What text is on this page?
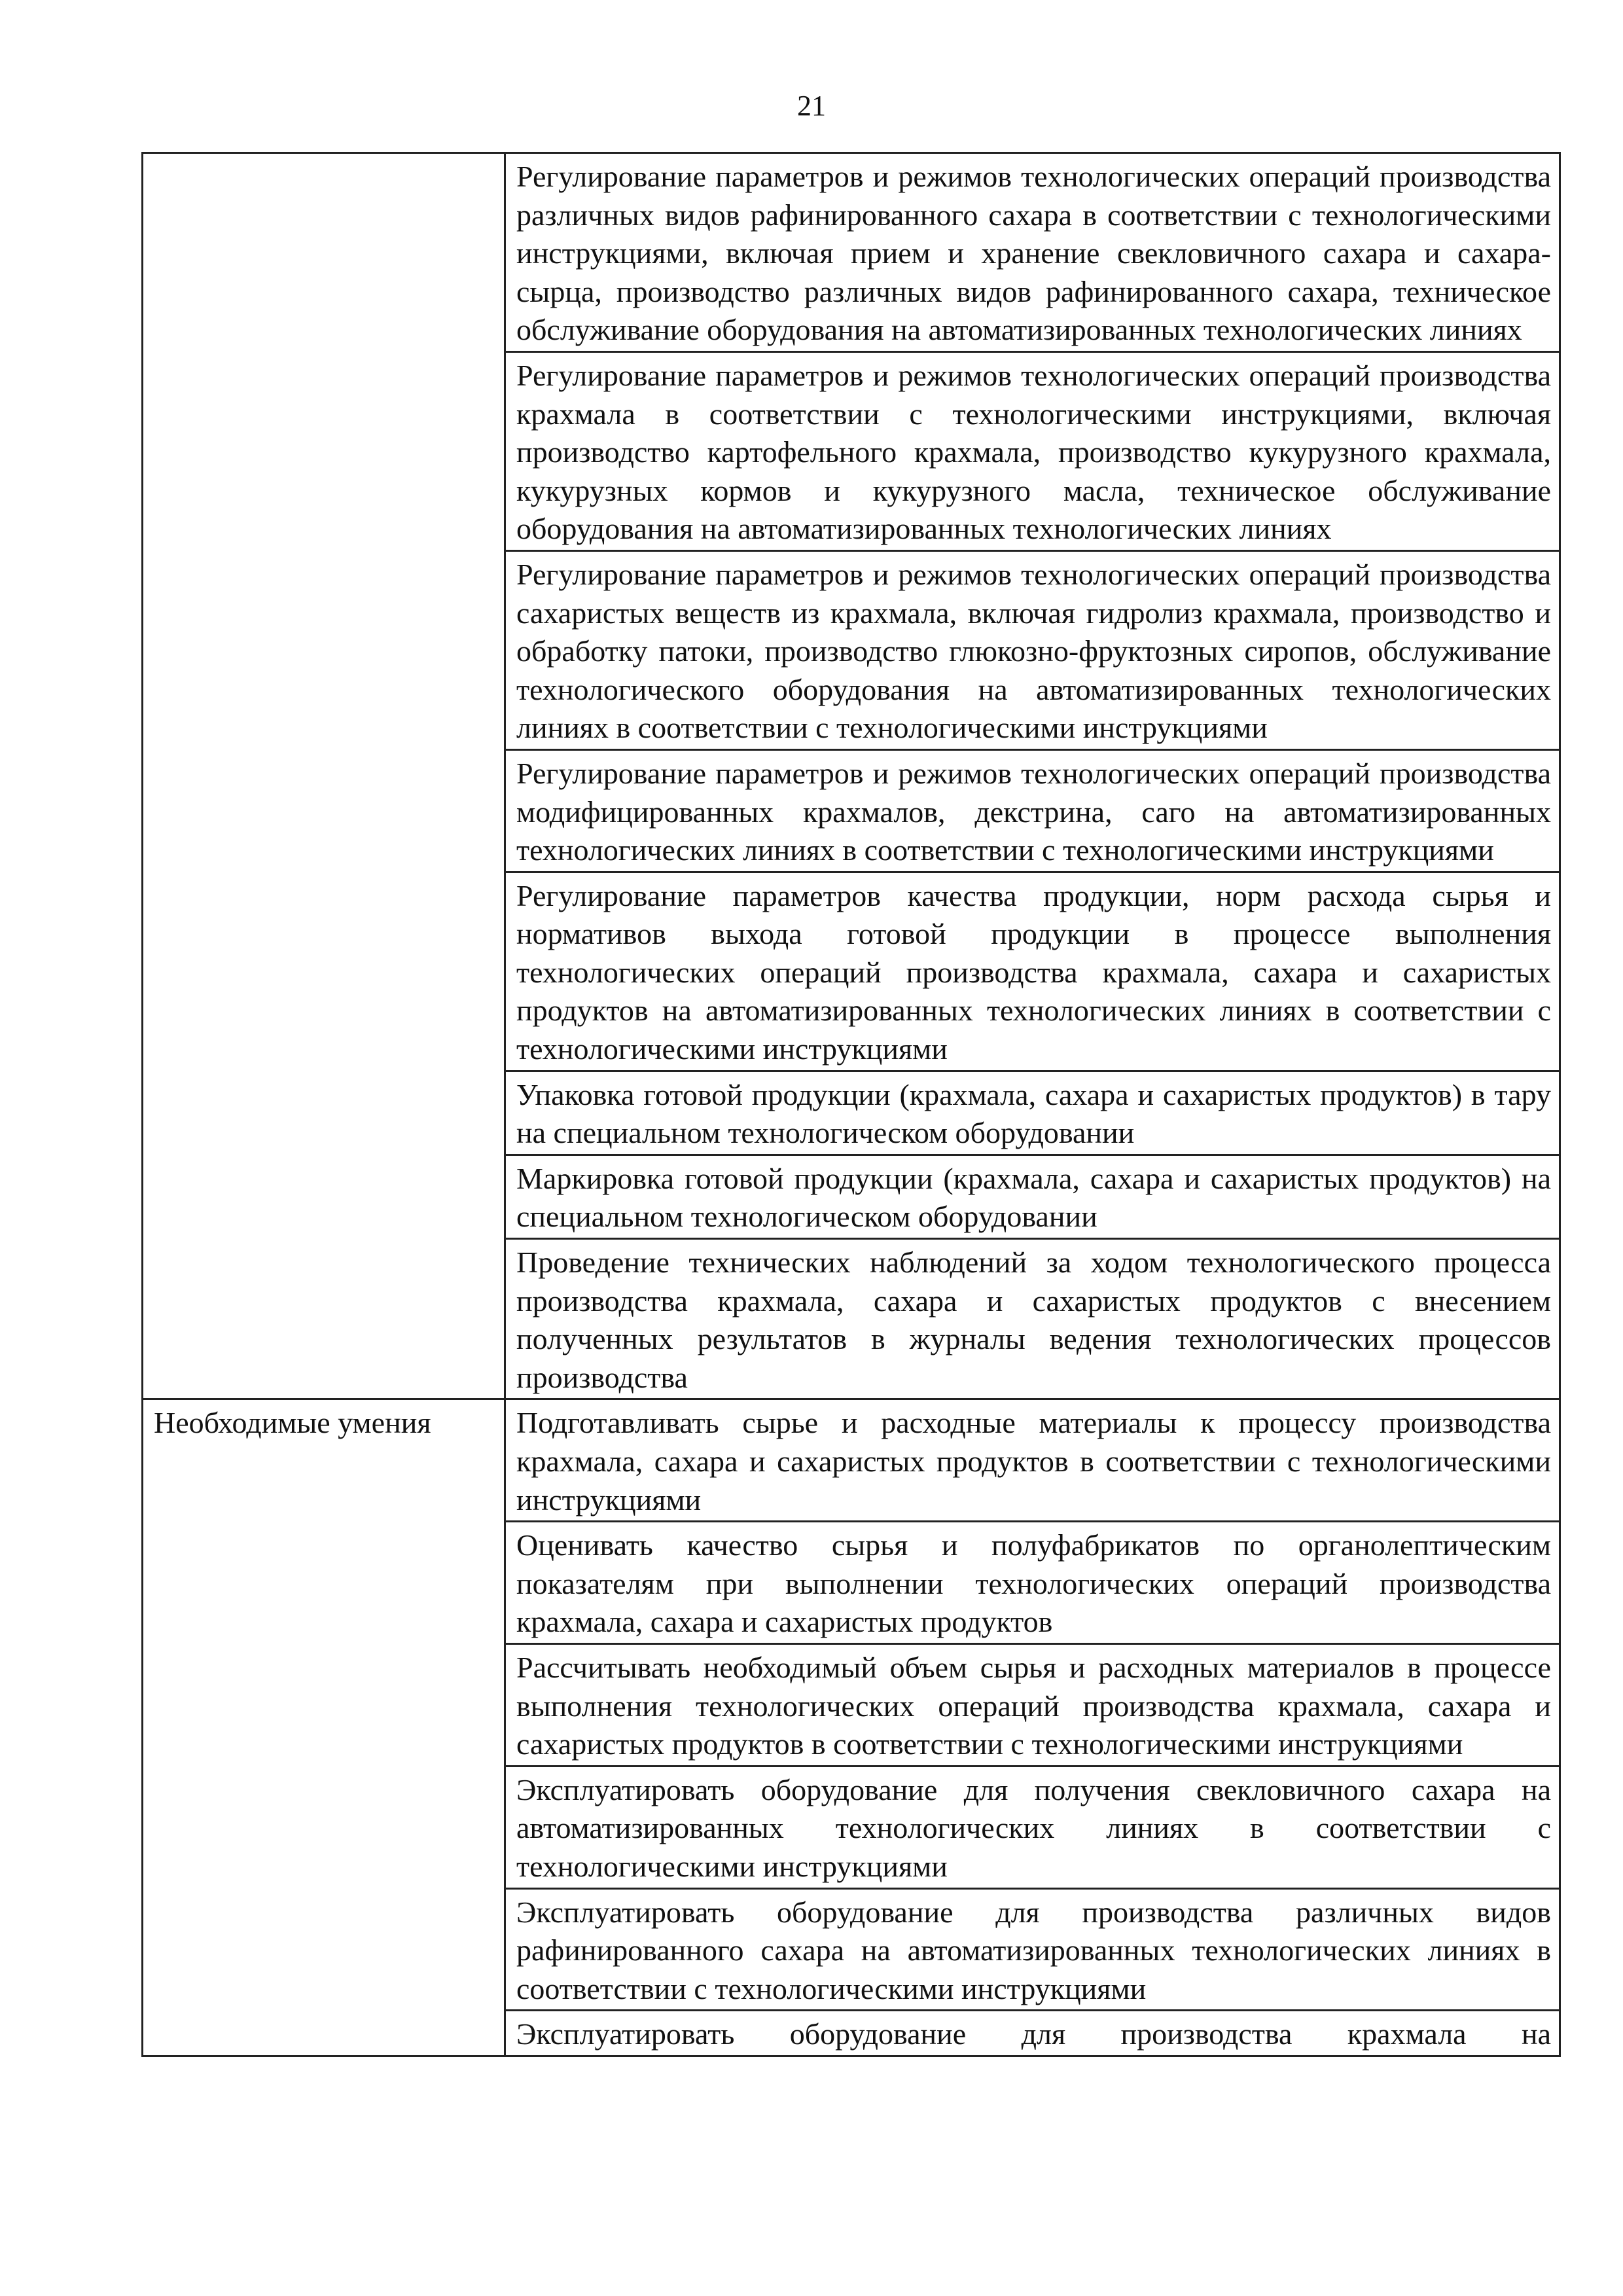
21
	Регулирование параметров и режимов технологических операций производства различных видов рафинированного сахара в соответствии с технологическими инструкциями, включая прием и хранение свекловичного сахара и сахара-сырца, производство различных видов рафинированного сахара, техническое обслуживание оборудования на автоматизированных технологических линиях
	Регулирование параметров и режимов технологических операций производства крахмала в соответствии с технологическими инструкциями, включая производство картофельного крахмала, производство кукурузного крахмала, кукурузных кормов и кукурузного масла, техническое обслуживание оборудования на автоматизированных технологических линиях
	Регулирование параметров и режимов технологических операций производства сахаристых веществ из крахмала, включая гидролиз крахмала, производство и обработку патоки, производство глюкозно-фруктозных сиропов, обслуживание технологического оборудования на автоматизированных технологических линиях в соответствии с технологическими инструкциями
	Регулирование параметров и режимов технологических операций производства модифицированных крахмалов, декстрина, саго на автоматизированных технологических линиях в соответствии с технологическими инструкциями
	Регулирование параметров качества продукции, норм расхода сырья и нормативов выхода готовой продукции в процессе выполнения технологических операций производства крахмала, сахара и сахаристых продуктов на автоматизированных технологических линиях в соответствии с технологическими инструкциями
	Упаковка готовой продукции (крахмала, сахара и сахаристых продуктов) в тару на специальном технологическом оборудовании
	Маркировка готовой продукции (крахмала, сахара и сахаристых продуктов) на специальном технологическом оборудовании
	Проведение технических наблюдений за ходом технологического процесса производства крахмала, сахара и сахаристых продуктов с внесением полученных результатов в журналы ведения технологических процессов производства
Необходимые умения	Подготавливать сырье и расходные материалы к процессу производства крахмала, сахара и сахаристых продуктов в соответствии с технологическими инструкциями
	Оценивать качество сырья и полуфабрикатов по органолептическим показателям при выполнении технологических операций производства крахмала, сахара и сахаристых продуктов
	Рассчитывать необходимый объем сырья и расходных материалов в процессе выполнения технологических операций производства крахмала, сахара и сахаристых продуктов в соответствии с технологическими инструкциями
	Эксплуатировать оборудование для получения свекловичного сахара на автоматизированных технологических линиях в соответствии с технологическими инструкциями
	Эксплуатировать оборудование для производства различных видов рафинированного сахара на автоматизированных технологических линиях в соответствии с технологическими инструкциями
	Эксплуатировать оборудование для производства крахмала на
